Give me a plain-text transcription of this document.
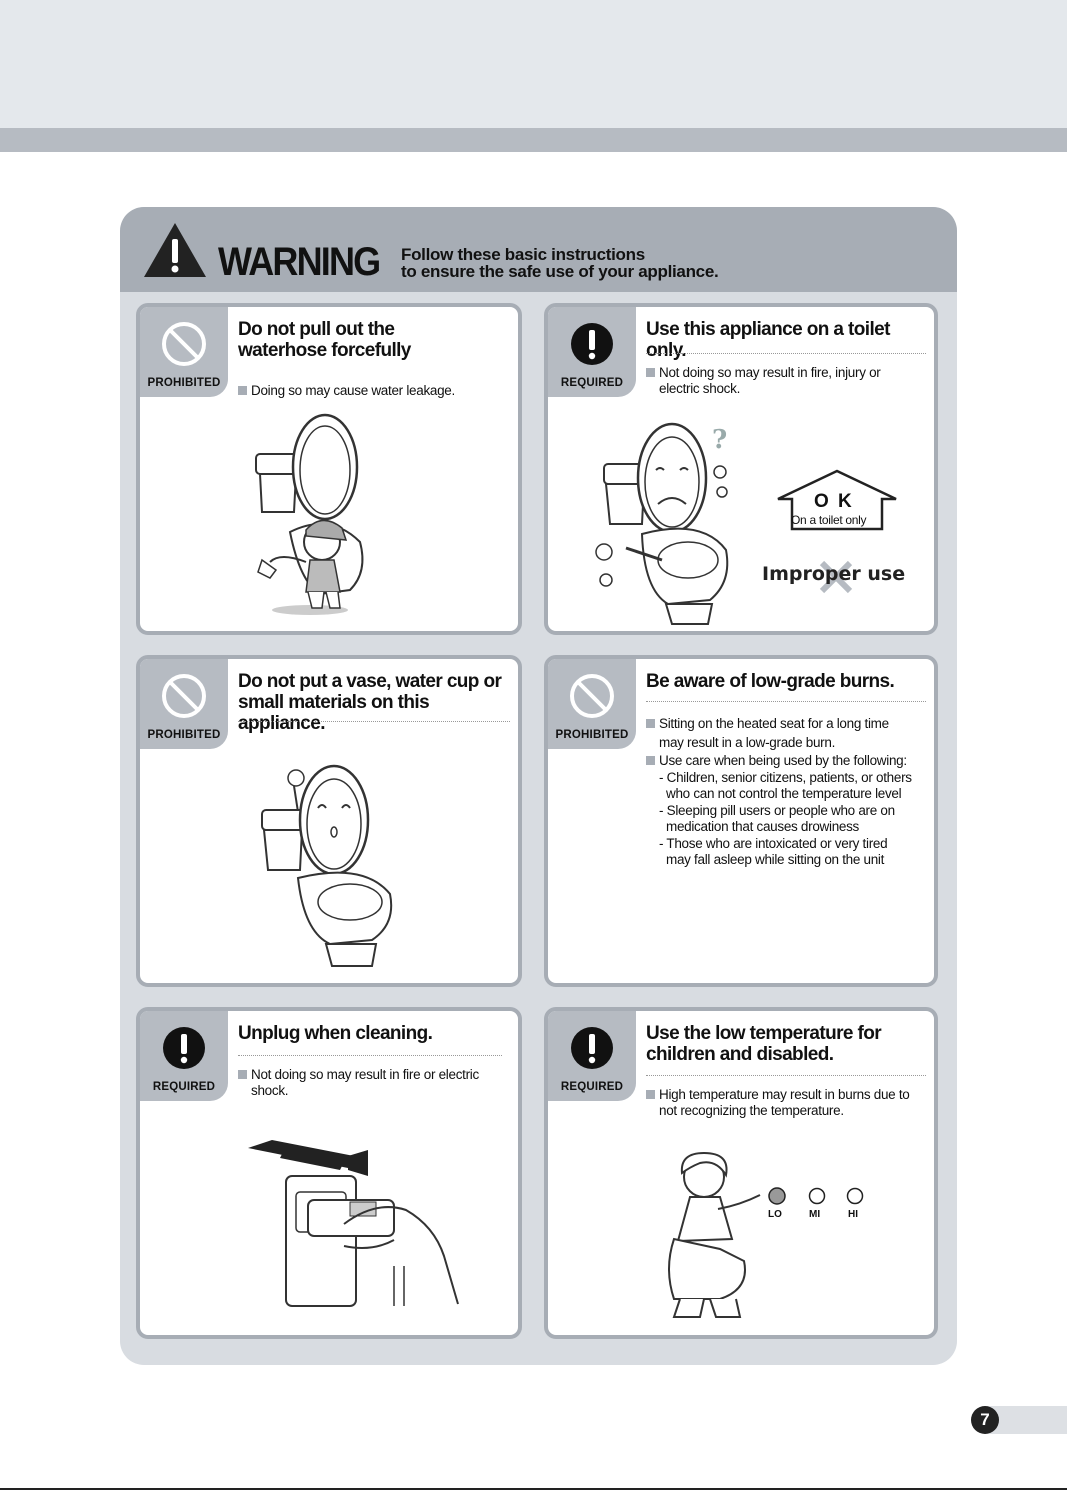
WARNING Follow these basic instructions
to ensure the safe use of your appliance.
PROHIBITED
Do not pull out the waterhose forcefully
Doing so may cause water leakage.	REQUIRED
Use this appliance on a toilet only.
Not doing so may result in fire, injury or
electric shock.
?
O K
On a toilet only
Improper use
PROHIBITED
Do not put a vase, water cup or small materials on this appliance.
PROHIBITED
Be aware of low-grade burns.
Sitting on the heated seat for a long time
may result in a low-grade burn.
Use care when being used by the following:
- Children, senior citizens, patients, or others
who can not control the temperature level
- Sleeping pill users or people who are on
medication that causes drowiness
- Those who are intoxicated or very tired
may fall asleep while sitting on the unit
REQUIRED
Unplug when cleaning.
Not doing so may result in fire or electric
shock.	REQUIRED
Use the low temperature for children and disabled.
High temperature may result in burns due to
not recognizing the temperature.
LO	MI	HI
7
